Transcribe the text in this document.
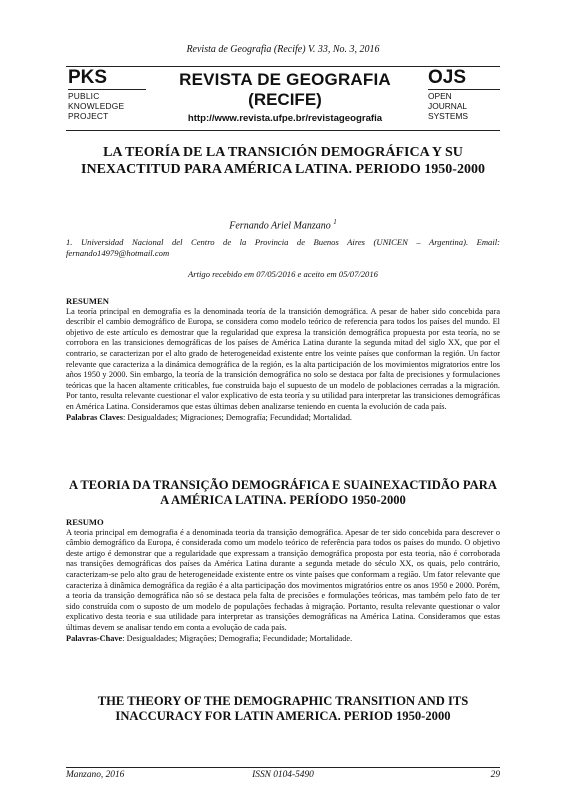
Revista de Geografia (Recife) V. 33, No. 3, 2016
PKS
PUBLIC
KNOWLEDGE
PROJECT
REVISTA DE GEOGRAFIA
(RECIFE)
http://www.revista.ufpe.br/revistageografia
OJS
OPEN
JOURNAL
SYSTEMS
LA TEORÍA DE LA TRANSICIÓN DEMOGRÁFICA Y SU INEXACTITUD PARA AMÉRICA LATINA. PERIODO 1950-2000
Fernando Ariel Manzano $^1$
1. Universidad Nacional del Centro de la Provincia de Buenos Aires (UNICEN – Argentina). Email: fernando14979@hotmail.com
Artigo recebido em 07/05/2016 e aceito em 05/07/2016
RESUMEN
La teoría principal en demografía es la denominada teoría de la transición demográfica. A pesar de haber sido concebida para describir el cambio demográfico de Europa, se considera como modelo teórico de referencia para todos los países del mundo. El objetivo de este artículo es demostrar que la regularidad que expresa la transición demográfica propuesta por esta teoría, no se corrobora en las transiciones demográficas de los países de América Latina durante la segunda mitad del siglo XX, que por el contrario, se caracterizan por el alto grado de heterogeneidad existente entre los veinte países que conforman la región. Un factor relevante que caracteriza a la dinámica demográfica de la región, es la alta participación de los movimientos migratorios entre los años 1950 y 2000. Sin embargo, la teoría de la transición demográfica no solo se destaca por falta de precisiones y formulaciones teóricas que la hacen altamente criticables, fue construida bajo el supuesto de un modelo de poblaciones cerradas a la migración. Por tanto, resulta relevante cuestionar el valor explicativo de esta teoría y su utilidad para interpretar las transiciones demográficas en América Latina. Consideramos que estas últimas deben analizarse teniendo en cuenta la evolución de cada país.
Palabras Claves: Desigualdades; Migraciones; Demografía; Fecundidad; Mortalidad.
A TEORIA DA TRANSIÇÃO DEMOGRÁFICA E SUAINEXACTIDÃO PARA A AMÉRICA LATINA. PERÍODO 1950-2000
RESUMO
A teoria principal em demografia é a denominada teoria da transição demográfica. Apesar de ter sido concebida para descrever o câmbio demográfico da Europa, é considerada como um modelo teórico de referência para todos os países do mundo. O objetivo deste artigo é demonstrar que a regularidade que expressam a transição demográfica proposta por esta teoria, não é corroborada nas transições demográficas dos países da América Latina durante a segunda metade do século XX, os quais, pelo contrário, caracterizam-se pelo alto grau de heterogeneidade existente entre os vinte países que conformam a região. Um fator relevante que caracteriza à dinâmica demográfica da região é a alta participação dos movimentos migratórios entre os anos 1950 e 2000. Porém, a teoria da transição demográfica não só se destaca pela falta de precisões e formulações teóricas, mas também pelo fato de ter sido construída com o suposto de um modelo de populações fechadas à migração. Portanto, resulta relevante questionar o valor explicativo desta teoria e sua utilidade para interpretar as transições demográficas na América Latina. Consideramos que estas últimas devem se analisar tendo em conta a evolução de cada país.
Palavras-Chave: Desigualdades; Migrações; Demografia; Fecundidade; Mortalidade.
THE THEORY OF THE DEMOGRAPHIC TRANSITION AND ITS INACCURACY FOR LATIN AMERICA. PERIOD 1950-2000
Manzano, 2016	ISSN 0104-5490	29
